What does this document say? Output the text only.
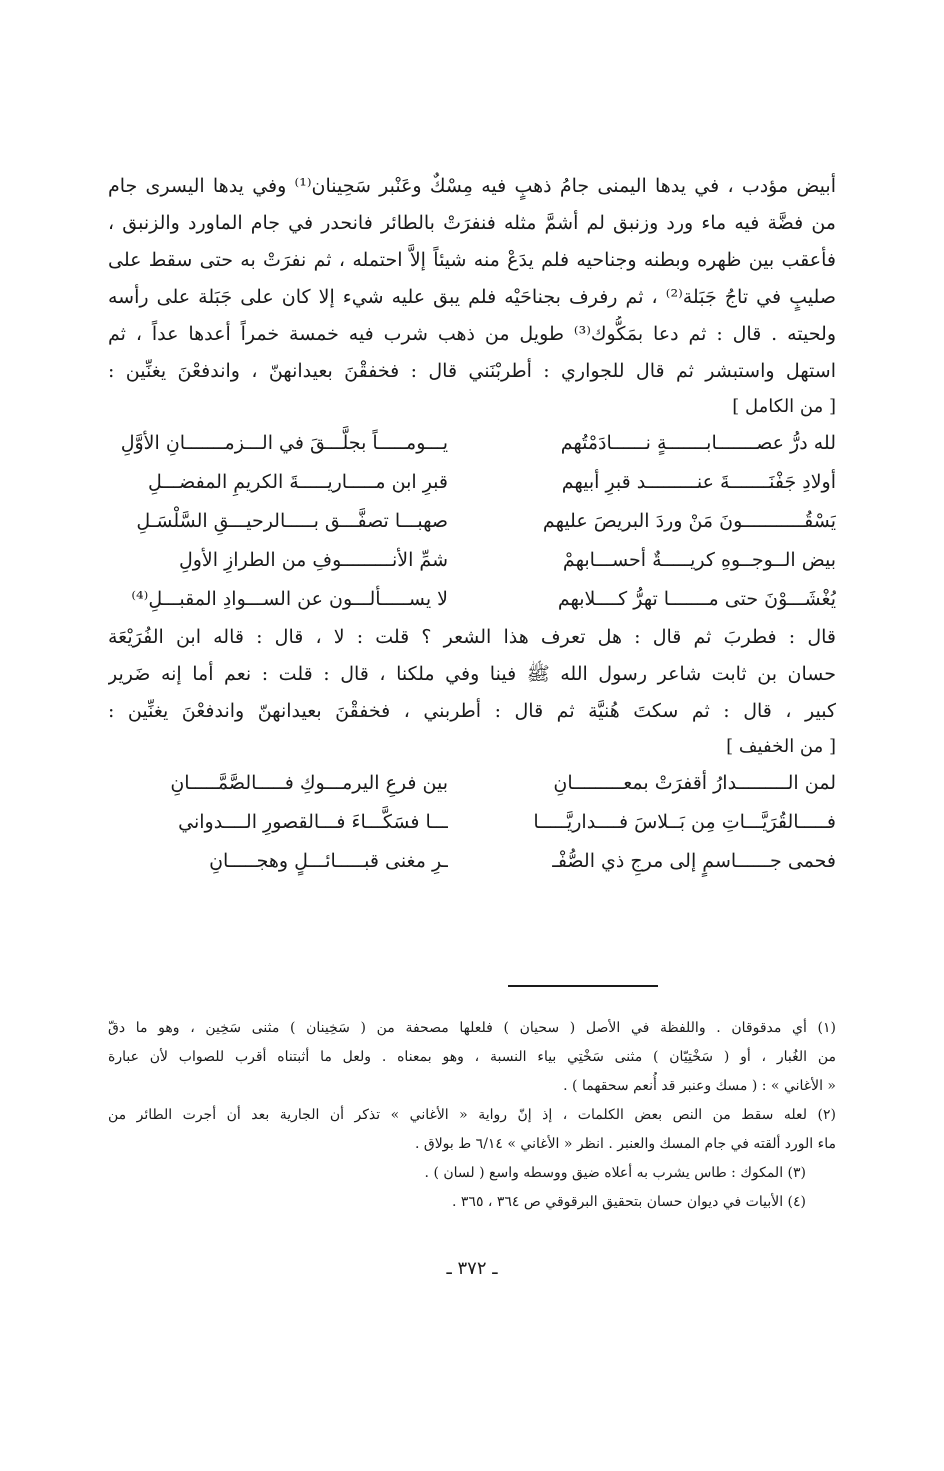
أبيض مؤدب ، في يدها اليمنى جامُ ذهبٍ فيه مِسْكٌ وعَنْبر سَحِينان⁽¹⁾ وفي يدها اليسرى جام
من فضَّة فيه ماء ورد وزنبق لم أشمَّ مثله فنفرَتْ بالطائر فانحدر في جام الماورد والزنبق ،
فأعقب بين ظهره وبطنه وجناحيه فلم يدَعْ منه شيئاً إلاَّ احتمله ، ثم نفرَتْ به حتى سقط على
صليبٍ في تاجُ جَبَلة⁽²⁾ ، ثم رفرف بجناحَيْه فلم يبق عليه شيء إلا كان على جَبَلة على رأسه
ولحيته . قال : ثم دعا بمَكُّوك⁽³⁾ طويل من ذهب شرب فيه خمسة خمراً أعدها عداً ، ثم
استهل واستبشر ثم قال للجواري : أطربْنَني قال : فخفقْنَ بعيدانهنّ ، واندفعْنَ يغنِّين :
[ من الكامل ]
لله درُّ عصـــــــابـــــــةٍ نــــــادَمْتُهم
يـــومـــــاً بجلَّـــقَ في الـــزمـــــــانِ الأوَّلِ
أولادِ جَفْنَـــــــةَ عنـــــــــد قبرِ أبيهم
قبرِ ابن مـــــاريـــــةَ الكريمِ المفضـــلِ
يَسْقُـــــــــــونَ مَنْ وردَ البريصَ عليهم
صهبـــا تصفَّـــق بـــــالرحيـــقِ السَّلْسَـلِ
بيض الــوجــوهِ كريـــــةٌ أحســـابهمْ
شمِّ الأنـــــــــوفِ من الطرازِ الأولِ
يُغْشَـــوْنَ حتى مـــــــا تهرُّ كــــلابهم
لا يســـــألـــون عن الســـوادِ المقبـــلِ⁽⁴⁾
قال : فطربَ ثم قال : هل تعرف هذا الشعر ؟ قلت : لا ، قال : قاله ابن الفُرَيْعَة
حسان بن ثابت شاعر رسول الله ﷺ فينا وفي ملكنا ، قال : قلت : نعم أما إنه ضَرير
كبير ، قال : ثم سكتَ هُنيَّة ثم قال : أطربني ، فخفقْنَ بعيدانهنّ واندفعْنَ يغنِّين :
[ من الخفيف ]
لمن الـــــــــدارُ أقفرَتْ بمعـــــــــانِ
بين فرعِ اليرمـــوكِ فـــــالصَّمَّـــــانِ
فـــــالقُرَيَّـــاتِ مِن بَــلاسَ فــــداريَّـــــا
ـــا فسَكَّـــاءَ فـــالقصورِ الــــدواني
فحمى جــــــاسمٍ إلى مرجِ ذي الصُّفْـ
ـرِ مغنى قبـــــائـــلٍ وهجـــــانِ
(١) أي مدقوقان . واللفظة في الأصل ( سحيان ) فلعلها مصحفة من ( سَخِينان ) مثنى سَخِين ، وهو ما دقّ
من الغُبار ، أو ( سَخْتِيّان ) مثنى سَخْتِي بياء النسبة ، وهو بمعناه . ولعل ما أثبتناه أقرب للصواب لأن عبارة
« الأغاني » : ( مسك وعنبر قد أُنعم سحقهما ) .
(٢) لعله سقط من النص بعض الكلمات ، إذ إنّ رواية « الأغاني » تذكر أن الجارية بعد أن أجرت الطائر من
ماء الورد ألقته في جام المسك والعنبر . انظر « الأغاني » ٦/١٤ ط بولاق .
(٣) المكوك : طاس يشرب به أعلاه ضيق ووسطه واسع ( لسان ) .
(٤) الأبيات في ديوان حسان بتحقيق البرقوقي ص ٣٦٤ ، ٣٦٥ .
ـ ٣٧٢ ـ
